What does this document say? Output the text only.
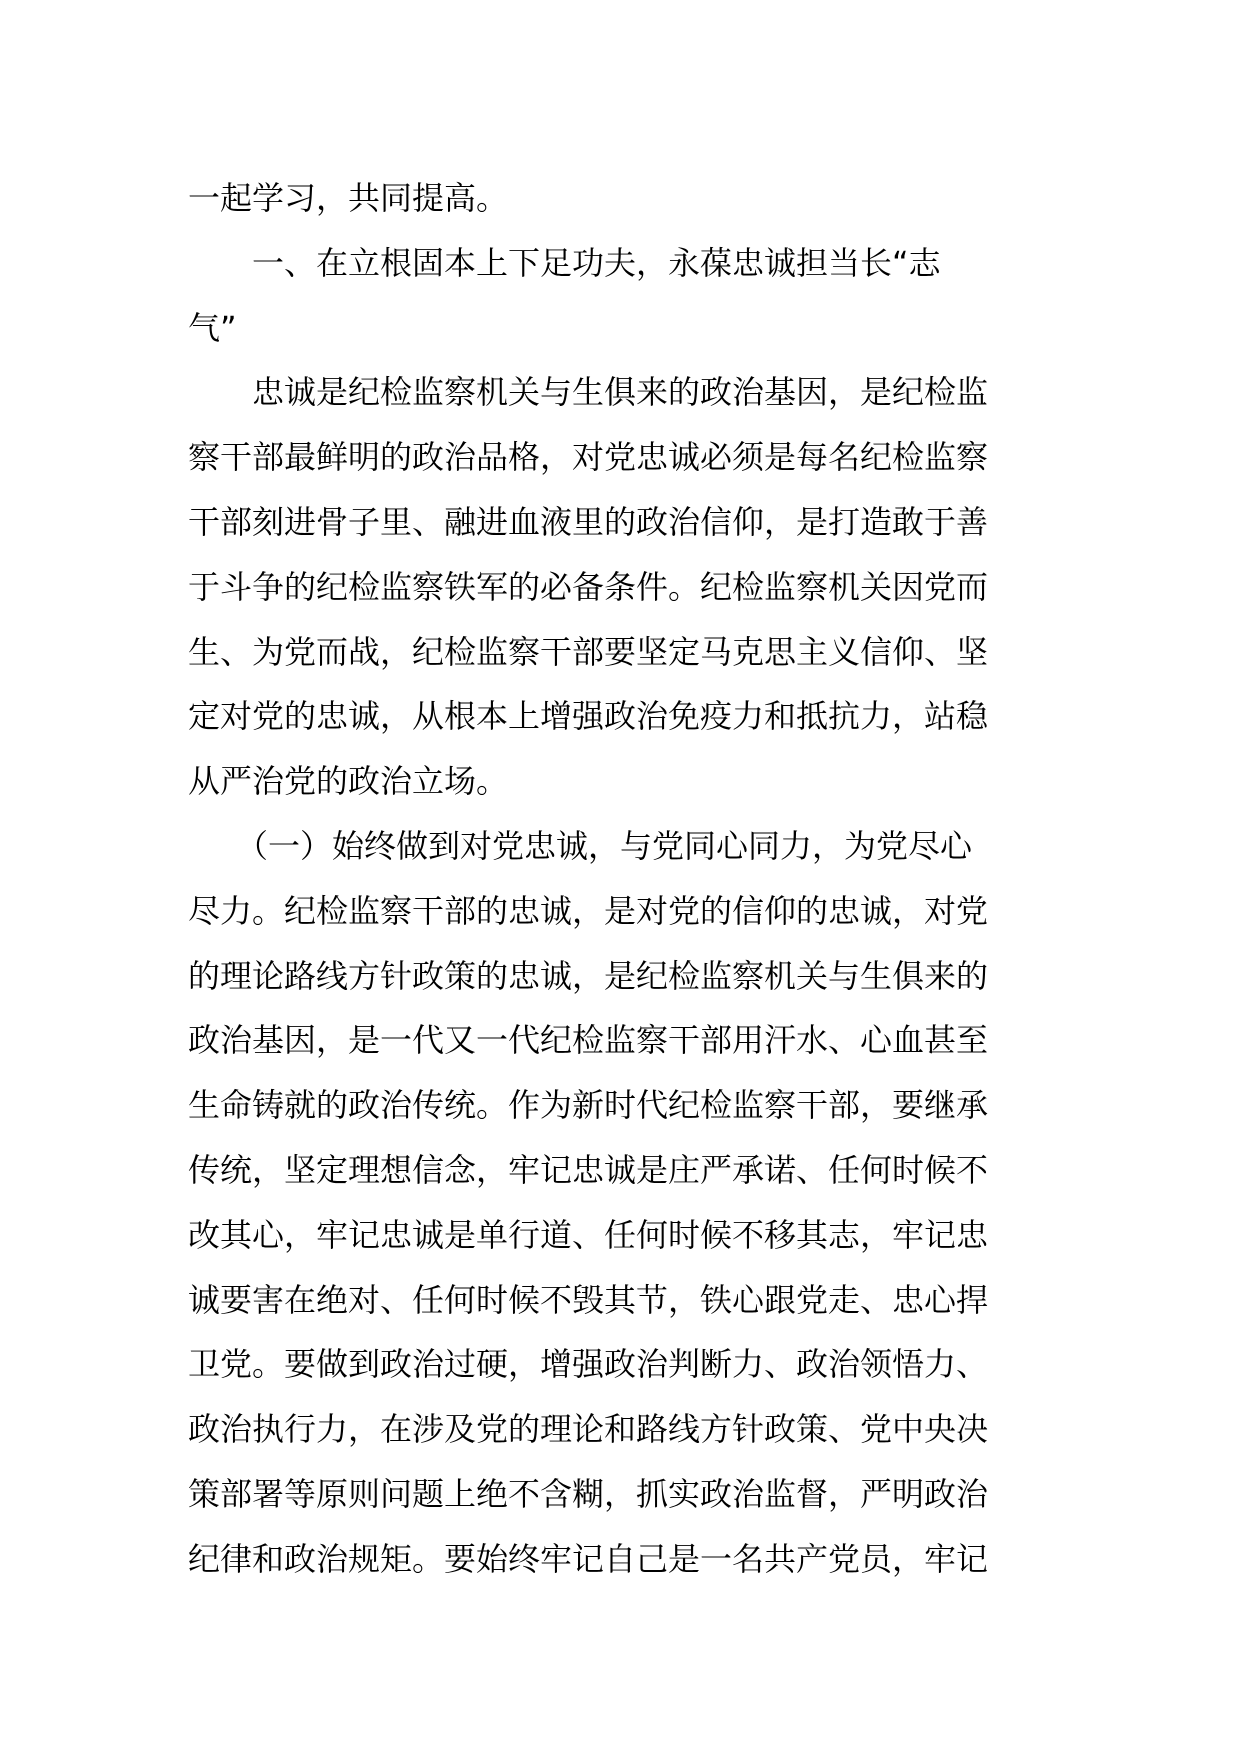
一起学习，共同提高。
　　一、在立根固本上下足功夫，永葆忠诚担当长“志
气”
　　忠诚是纪检监察机关与生俱来的政治基因，是纪检监
察干部最鲜明的政治品格，对党忠诚必须是每名纪检监察
干部刻进骨子里、融进血液里的政治信仰，是打造敢于善
于斗争的纪检监察铁军的必备条件。纪检监察机关因党而
生、为党而战，纪检监察干部要坚定马克思主义信仰、坚
定对党的忠诚，从根本上增强政治免疫力和抵抗力，站稳
从严治党的政治立场。
　　（一）始终做到对党忠诚，与党同心同力，为党尽心
尽力。纪检监察干部的忠诚，是对党的信仰的忠诚，对党
的理论路线方针政策的忠诚，是纪检监察机关与生俱来的
政治基因，是一代又一代纪检监察干部用汗水、心血甚至
生命铸就的政治传统。作为新时代纪检监察干部，要继承
传统，坚定理想信念，牢记忠诚是庄严承诺、任何时候不
改其心，牢记忠诚是单行道、任何时候不移其志，牢记忠
诚要害在绝对、任何时候不毁其节，铁心跟党走、忠心捍
卫党。要做到政治过硬，增强政治判断力、政治领悟力、
政治执行力，在涉及党的理论和路线方针政策、党中央决
策部署等原则问题上绝不含糊，抓实政治监督，严明政治
纪律和政治规矩。要始终牢记自己是一名共产党员，牢记
